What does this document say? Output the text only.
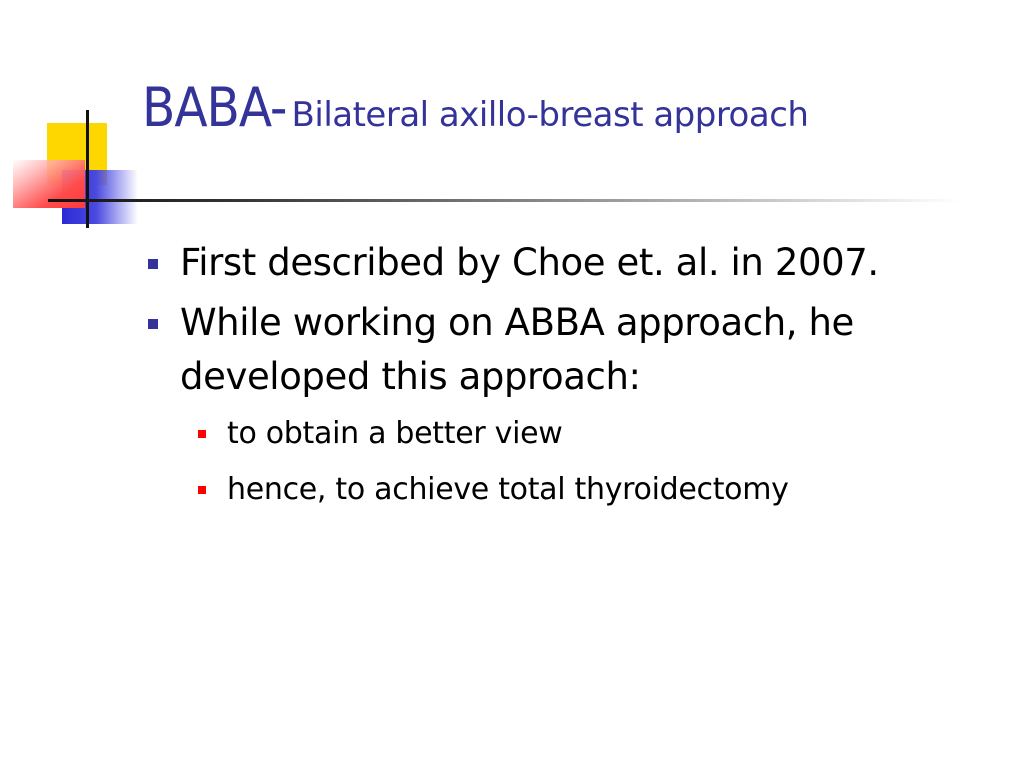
BABA- Bilateral axillo-breast approach
First described by Choe et. al. in 2007.
While working on ABBA approach, he developed this approach:
to obtain a better view
hence, to achieve total thyroidectomy
